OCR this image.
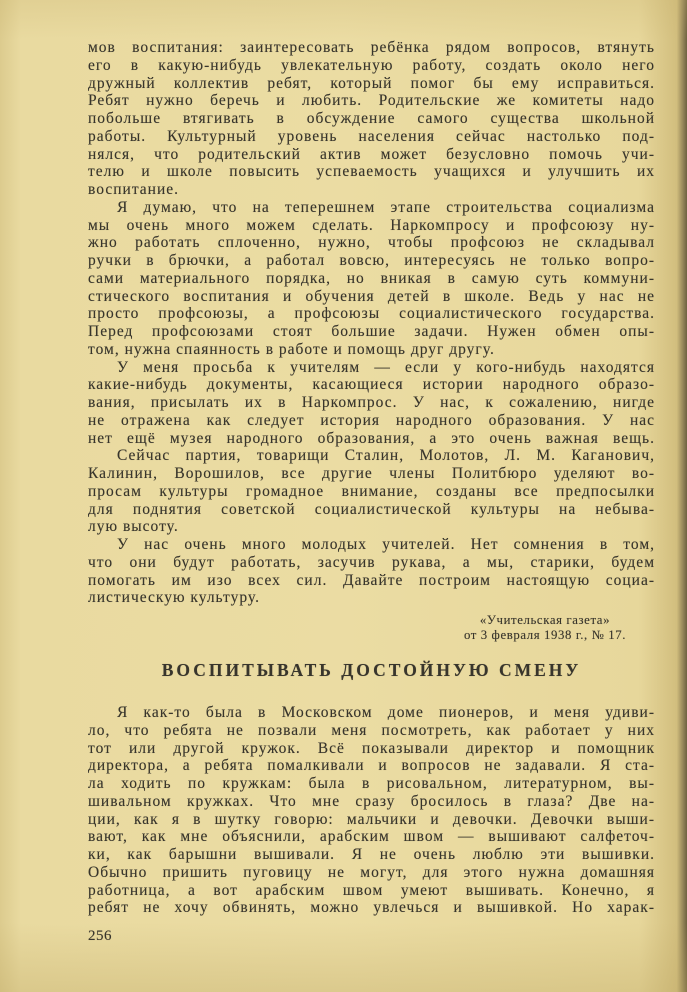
мов воспитания: заинтересовать ребёнка рядом вопросов, втянуть
его в какую-нибудь увлекательную работу, создать около него
дружный коллектив ребят, который помог бы ему исправиться.
Ребят нужно беречь и любить. Родительские же комитеты надо
побольше втягивать в обсуждение самого существа школьной
работы. Культурный уровень населения сейчас настолько под-
нялся, что родительский актив может безусловно помочь учи-
телю и школе повысить успеваемость учащихся и улучшить их
воспитание.
Я думаю, что на теперешнем этапе строительства социализма
мы очень много можем сделать. Наркомпросу и профсоюзу ну-
жно работать сплоченно, нужно, чтобы профсоюз не складывал
ручки в брючки, а работал вовсю, интересуясь не только вопро-
сами материального порядка, но вникая в самую суть коммуни-
стического воспитания и обучения детей в школе. Ведь у нас не
просто профсоюзы, а профсоюзы социалистического государства.
Перед профсоюзами стоят большие задачи. Нужен обмен опы-
том, нужна спаянность в работе и помощь друг другу.
У меня просьба к учителям — если у кого-нибудь находятся
какие-нибудь документы, касающиеся истории народного образо-
вания, присылать их в Наркомпрос. У нас, к сожалению, нигде
не отражена как следует история народного образования. У нас
нет ещё музея народного образования, а это очень важная вещь.
Сейчас партия, товарищи Сталин, Молотов, Л. М. Каганович,
Калинин, Ворошилов, все другие члены Политбюро уделяют во-
просам культуры громадное внимание, созданы все предпосылки
для поднятия советской социалистической культуры на небыва-
лую высоту.
У нас очень много молодых учителей. Нет сомнения в том,
что они будут работать, засучив рукава, а мы, старики, будем
помогать им изо всех сил. Давайте построим настоящую социа-
листическую культуру.
«Учительская газета»
от 3 февраля 1938 г., № 17.
ВОСПИТЫВАТЬ ДОСТОЙНУЮ СМЕНУ
Я как-то была в Московском доме пионеров, и меня удиви-
ло, что ребята не позвали меня посмотреть, как работает у них
тот или другой кружок. Всё показывали директор и помощник
директора, а ребята помалкивали и вопросов не задавали. Я ста-
ла ходить по кружкам: была в рисовальном, литературном, вы-
шивальном кружках. Что мне сразу бросилось в глаза? Две на-
ции, как я в шутку говорю: мальчики и девочки. Девочки выши-
вают, как мне объяснили, арабским швом — вышивают салфеточ-
ки, как барышни вышивали. Я не очень люблю эти вышивки.
Обычно пришить пуговицу не могут, для этого нужна домашняя
работница, а вот арабским швом умеют вышивать. Конечно, я
ребят не хочу обвинять, можно увлечься и вышивкой. Но харак-
256
